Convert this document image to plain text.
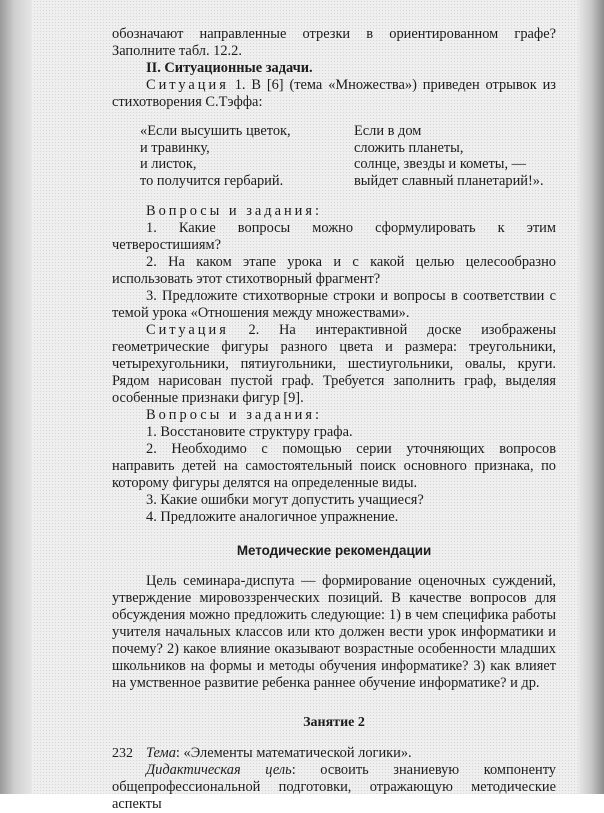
обозначают направленные отрезки в ориентированном графе? Заполните табл. 12.2.

II. Ситуационные задачи.

Ситуация 1. В [6] (тема «Множества») приведен отрывок из стихотворения С.Тэффа:

«Если высушить цветок,	Если в дом
и травинку,	сложить планеты,
и листок,	солнце, звезды и кометы, —
то получится гербарий.	выйдет славный планетарий!».

Вопросы и задания:

1. Какие вопросы можно сформулировать к этим четверостишиям?

2. На каком этапе урока и с какой целью целесообразно использовать этот стихотворный фрагмент?

3. Предложите стихотворные строки и вопросы в соответствии с темой урока «Отношения между множествами».

Ситуация 2. На интерактивной доске изображены геометрические фигуры разного цвета и размера: треугольники, четырехугольники, пятиугольники, шестиугольники, овалы, круги. Рядом нарисован пустой граф. Требуется заполнить граф, выделяя особенные признаки фигур [9].

Вопросы и задания:

1. Восстановите структуру графа.

2. Необходимо с помощью серии уточняющих вопросов направить детей на самостоятельный поиск основного признака, по которому фигуры делятся на определенные виды.

3. Какие ошибки могут допустить учащиеся?

4. Предложите аналогичное упражнение.

Методические рекомендации

Цель семинара-диспута — формирование оценочных суждений, утверждение мировоззренческих позиций. В качестве вопросов для обсуждения можно предложить следующие: 1) в чем специфика работы учителя начальных классов или кто должен вести урок информатики и почему? 2) какое влияние оказывают возрастные особенности младших школьников на формы и методы обучения информатике? 3) как влияет на умственное развитие ребенка раннее обучение информатике? и др.

Занятие 2

Тема: «Элементы математической логики».

Дидактическая цель: освоить знаниевую компоненту общепрофессиональной подготовки, отражающую методические аспекты

232
